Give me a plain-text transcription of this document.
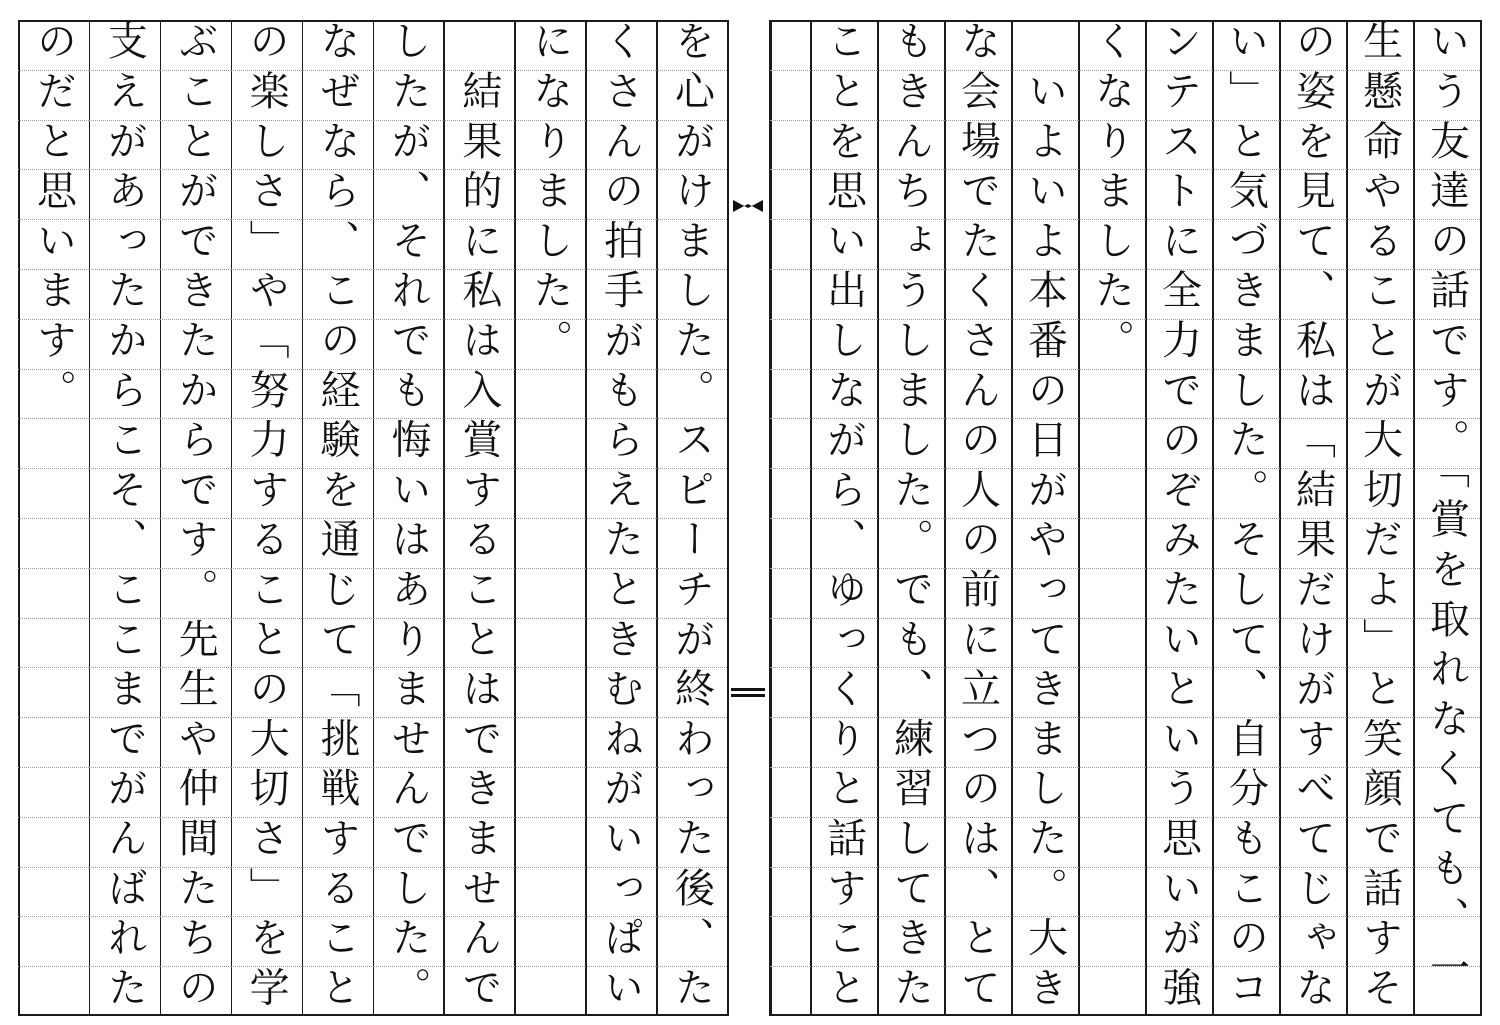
いう友達の話です。「賞を取れなくても、一
生懸命やることが大切だよ」と笑顔で話すそ
の姿を見て、私は「結果だけがすべてじゃな
い」と気づきました。そして、自分もこのコ
ンテストに全力でのぞみたいという思いが強
くなりました。
　いよいよ本番の日がやってきました。大き
な会場でたくさんの人の前に立つのは、とて
もきんちょうしました。でも、練習してきた
ことを思い出しながら、ゆっくりと話すこと
を心がけました。スピーチが終わった後、た
くさんの拍手がもらえたときむねがいっぱい
になりました。
　結果的に私は入賞することはできませんで
したが、それでも悔いはありませんでした。
なぜなら、この経験を通じて「挑戦すること
の楽しさ」や「努力することの大切さ」を学
ぶことができたからです。先生や仲間たちの
支えがあったからこそ、ここまでがんばれた
のだと思います。
